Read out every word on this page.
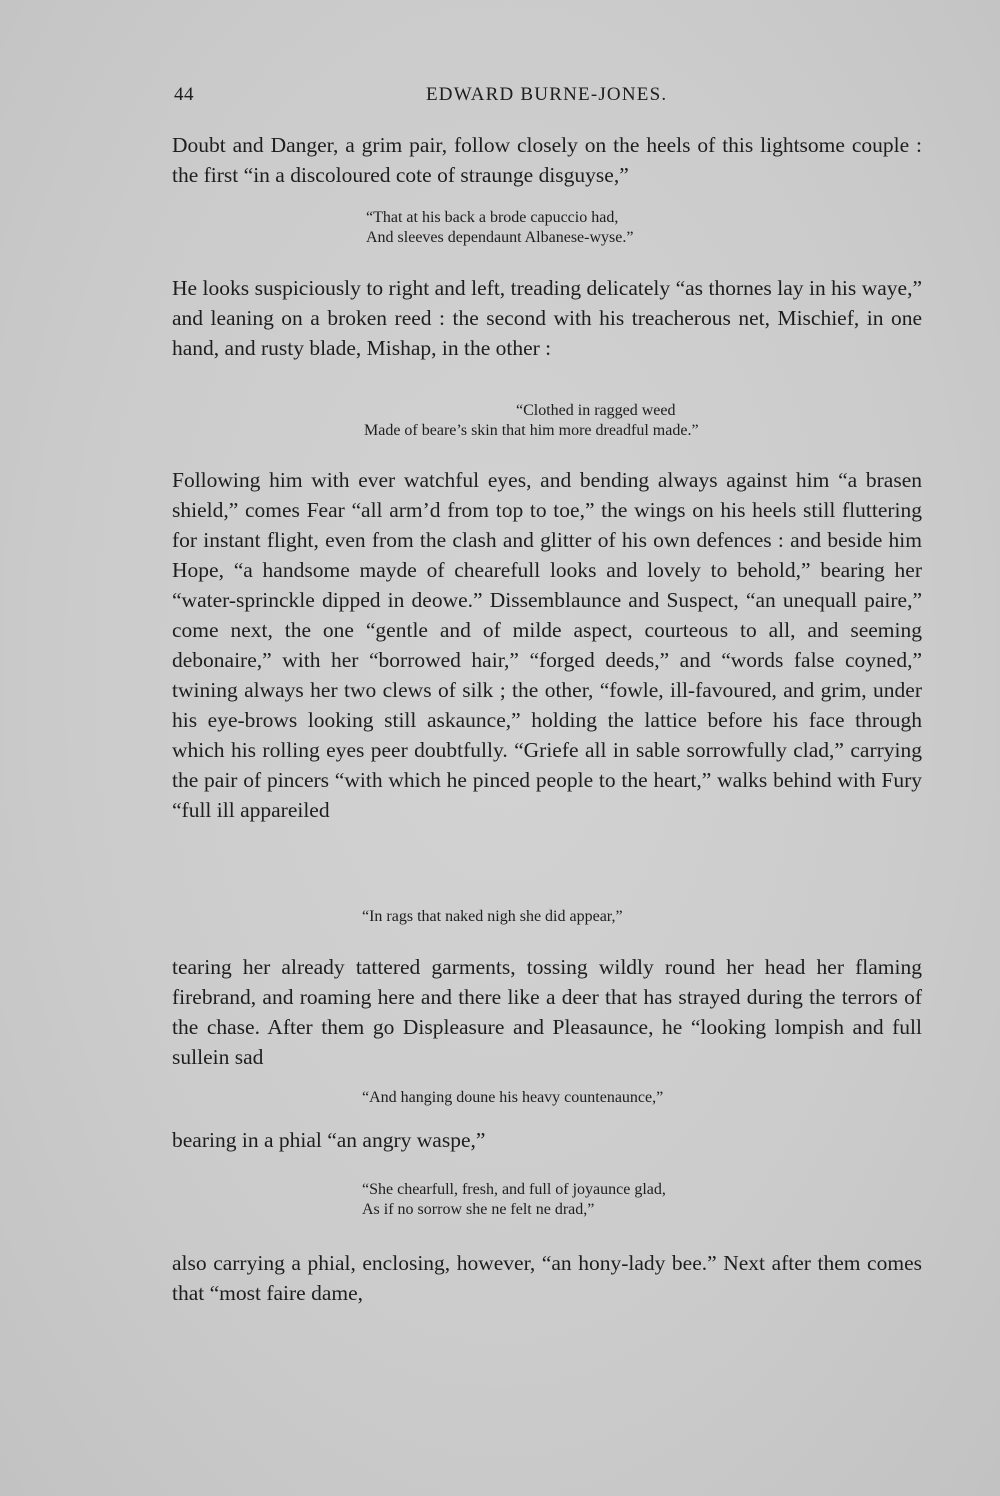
44	EDWARD BURNE-JONES.

Doubt and Danger, a grim pair, follow closely on the heels of this lightsome couple : the first “in a discoloured cote of straunge disguyse,”

“That at his back a brode capuccio had,
And sleeves dependaunt Albanese-wyse.”

He looks suspiciously to right and left, treading delicately “as thornes lay in his waye,” and leaning on a broken reed : the second with his treacherous net, Mischief, in one hand, and rusty blade, Mishap, in the other :

“Clothed in ragged weed
Made of beare’s skin that him more dreadful made.”

Following him with ever watchful eyes, and bending always against him “a brasen shield,” comes Fear “all arm’d from top to toe,” the wings on his heels still fluttering for instant flight, even from the clash and glitter of his own defences : and beside him Hope, “a handsome mayde of chearefull looks and lovely to behold,” bearing her “water-sprinckle dipped in deowe.” Dissemblaunce and Suspect, “an unequall paire,” come next, the one “gentle and of milde aspect, courteous to all, and seeming debonaire,” with her “borrowed hair,” “forged deeds,” and “words false coyned,” twining always her two clews of silk ; the other, “fowle, ill-favoured, and grim, under his eye-brows looking still askaunce,” holding the lattice before his face through which his rolling eyes peer doubtfully. “Griefe all in sable sorrowfully clad,” carrying the pair of pincers “with which he pinced people to the heart,” walks behind with Fury “full ill appareiled

“In rags that naked nigh she did appear,”

tearing her already tattered garments, tossing wildly round her head her flaming firebrand, and roaming here and there like a deer that has strayed during the terrors of the chase. After them go Displeasure and Pleasaunce, he “looking lompish and full sullein sad

“And hanging doune his heavy countenaunce,”

bearing in a phial “an angry waspe,”

“She chearfull, fresh, and full of joyaunce glad,
As if no sorrow she ne felt ne drad,”

also carrying a phial, enclosing, however, “an hony-lady bee.” Next after them comes that “most faire dame,
